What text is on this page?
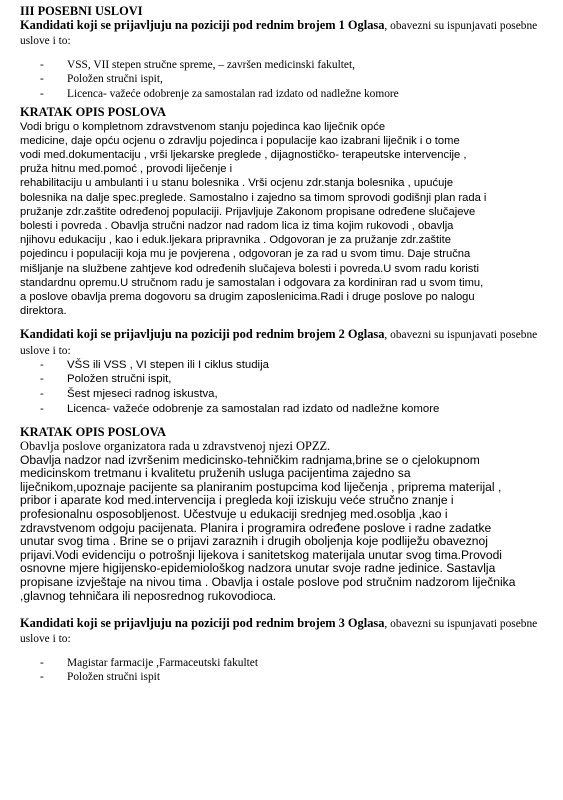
III POSEBNI USLOVI
Kandidati koji se prijavljuju na poziciji pod rednim brojem 1 Oglasa, obavezni su ispunjavati posebne uslove i to:
- VSS, VII stepen stručne spreme, – završen medicinski fakultet,
- Položen stručni ispit,
- Licenca- važeće odobrenje za samostalan rad izdato od nadležne komore
KRATAK OPIS POSLOVA

Vodi brigu o kompletnom zdravstvenom stanju pojedinca kao liječnik opće

medicine, daje opću ocjenu o zdravlju pojedinca i populacije kao izabrani liječnik i o tome

vodi med.dokumentaciju , vrši ljekarske preglede , dijagnostičko- terapeutske intervencije ,

pruža hitnu med.pomoć , provodi liječenje i

rehabilitaciju u ambulanti i u stanu bolesnika . Vrši ocjenu zdr.stanja bolesnika , upućuje

bolesnika na dalje spec.preglede. Samostalno i zajedno sa timom sprovodi godišnji plan rada i

pružanje zdr.zaštite određenoj populaciji. Prijavljuje Zakonom propisane određene slučajeve

bolesti i povreda . Obavlja stručni nadzor nad radom lica iz tima kojim rukovodi , obavlja

njihovu edukaciju , kao i eduk.ljekara pripravnika . Odgovoran je za pružanje zdr.zaštite

pojedincu i populaciji koja mu je povjerena , odgovoran je za rad u svom timu. Daje stručna

mišljanje na službene zahtjeve kod određenih slučajeva bolesti i povreda.U svom radu koristi

standardnu opremu.U stručnom radu je samostalan i odgovara za kordiniran rad u svom timu,

a poslove obavlja prema dogovoru sa drugim zaposlenicima.Radi i druge poslove po nalogu

direktora.

Kandidati koji se prijavljuju na poziciji pod rednim brojem 2 Oglasa, obavezni su ispunjavati posebne uslove i to:
- VŠS ili VSS , VI stepen ili I ciklus studija
- Položen stručni ispit,
- Šest mjeseci radnog iskustva,
- Licenca- važeće odobrenje za samostalan rad izdato od nadležne komore
KRATAK OPIS POSLOVA
Obavlja poslove organizatora rada u zdravstvenoj njezi OPZZ.

Obavlja nadzor nad izvršenim medicinsko-tehničkim radnjama,brine se o cjelokupnom

medicinskom tretmanu i kvalitetu pruženih usluga pacijentima zajedno sa

liječnikom,upoznaje pacijente sa planiranim postupcima kod liječenja , priprema materijal ,

pribor i aparate kod med.intervencija i pregleda koji iziskuju veće stručno znanje i

profesionalnu osposobljenost. Učestvuje u edukaciji srednjeg med.osoblja ,kao i

zdravstvenom odgoju pacijenata. Planira i programira određene poslove i radne zadatke

unutar svog tima . Brine se o prijavi zaraznih i drugih oboljenja koje podliježu obaveznoj

prijavi.Vodi evidenciju o potrošnji lijekova i sanitetskog materijala unutar svog tima.Provodi

osnovne mjere higijensko-epidemiološkog nadzora unutar svoje radne jedinice. Sastavlja

propisane izvještaje na nivou tima . Obavlja i ostale poslove pod stručnim nadzorom liječnika

,glavnog tehničara ili neposrednog rukovodioca.

Kandidati koji se prijavljuju na poziciji pod rednim brojem 3 Oglasa, obavezni su ispunjavati posebne uslove i to:
- Magistar farmacije ,Farmaceutski fakultet
- Položen stručni ispit
